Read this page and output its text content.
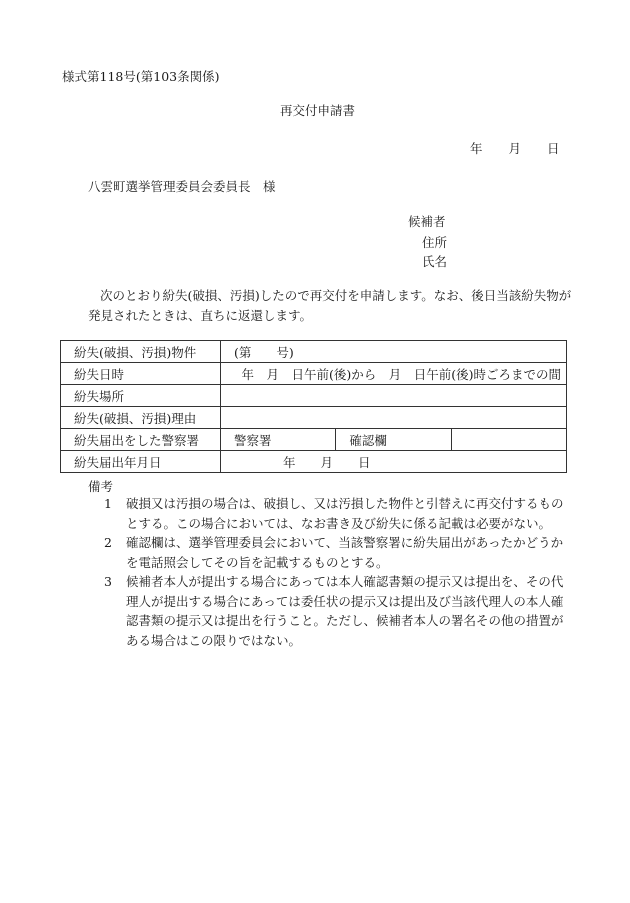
様式第118号(第103条関係)
再交付申請書
年 月 日
八雲町選挙管理委員会委員長　様
候補者
住所
氏名
次のとおり紛失(破損、汚損)したので再交付を申請します。なお、後日当該紛失物が発見されたときは、直ちに返還します。
紛失(破損、汚損)物件	(第　　号)		
紛失日時	　年　月　日午前(後)から　月　日午前(後)時ごろまでの間		
紛失場所			
紛失(破損、汚損)理由			
紛失届出をした警察署	警察署	確認欄	
紛失届出年月日	年　　月　　日		
備考
1	破損又は汚損の場合は、破損し、又は汚損した物件と引替えに再交付するものとする。この場合においては、なお書き及び紛失に係る記載は必要がない。
2	確認欄は、選挙管理委員会において、当該警察署に紛失届出があったかどうかを電話照会してその旨を記載するものとする。
3	候補者本人が提出する場合にあっては本人確認書類の提示又は提出を、その代理人が提出する場合にあっては委任状の提示又は提出及び当該代理人の本人確認書類の提示又は提出を行うこと。ただし、候補者本人の署名その他の措置がある場合はこの限りではない。
